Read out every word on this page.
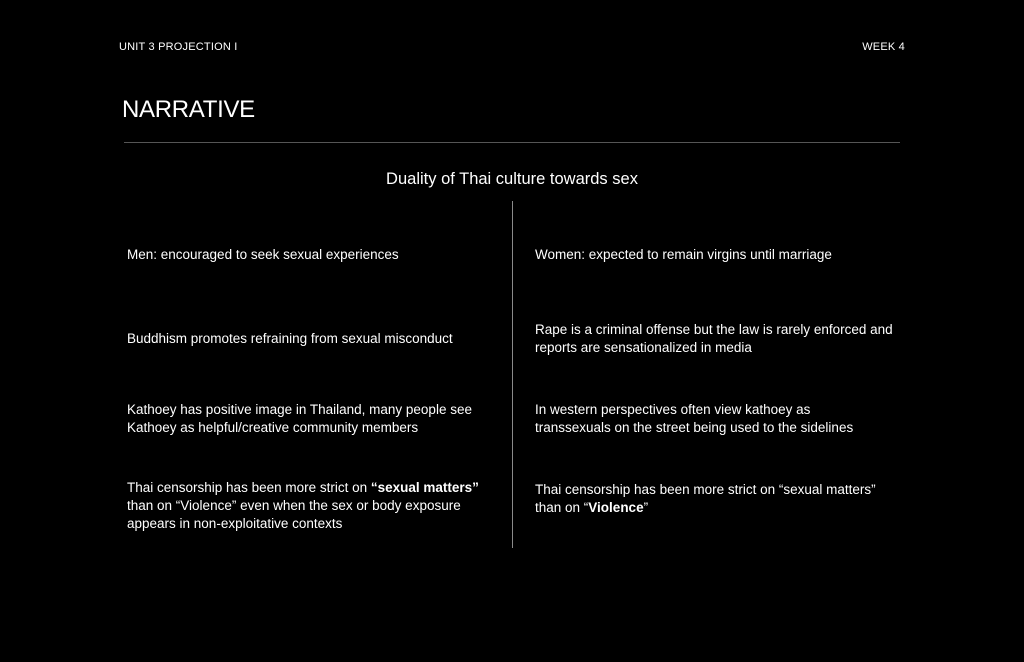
UNIT 3 PROJECTION I	WEEK 4
NARRATIVE
Duality of Thai culture towards sex
Men: encouraged to seek sexual experiences
Buddhism promotes refraining from sexual misconduct
Kathoey has positive image in Thailand, many people see Kathoey as helpful/creative community members
Thai censorship has been more strict on “sexual matters” than on “Violence” even when the sex or body exposure appears in non-exploitative contexts
Women: expected to remain virgins until marriage
Rape is a criminal offense but the law is rarely enforced and reports are sensationalized in media
In western perspectives often view kathoey as transsexuals on the street being used to the sidelines
Thai censorship has been more strict on “sexual matters” than on “Violence”
